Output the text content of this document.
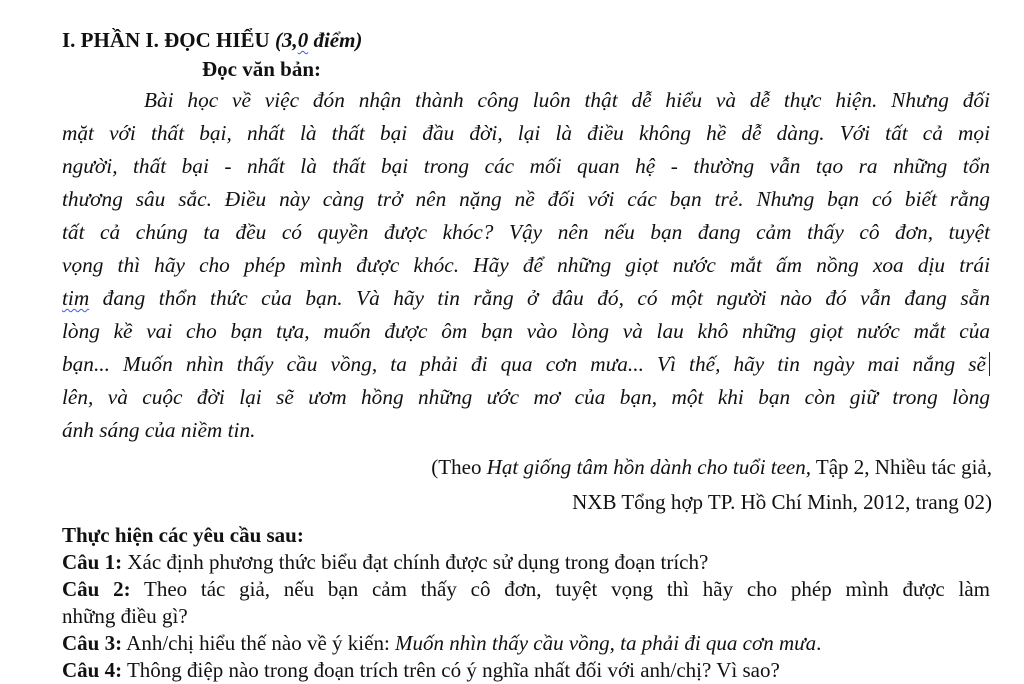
I. PHẦN I. ĐỌC HIỂU (3,0 điểm)
Đọc văn bản:
Bài học về việc đón nhận thành công luôn thật dễ hiểu và dễ thực hiện. Nhưng đối
mặt với thất bại, nhất là thất bại đầu đời, lại là điều không hề dễ dàng. Với tất cả mọi
người, thất bại - nhất là thất bại trong các mối quan hệ - thường vẫn tạo ra những tổn
thương sâu sắc. Điều này càng trở nên nặng nề đối với các bạn trẻ. Nhưng bạn có biết rằng
tất cả chúng ta đều có quyền được khóc? Vậy nên nếu bạn đang cảm thấy cô đơn, tuyệt
vọng thì hãy cho phép mình được khóc. Hãy để những giọt nước mắt ấm nồng xoa dịu trái
tim đang thổn thức của bạn. Và hãy tin rằng ở đâu đó, có một người nào đó vẫn đang sẵn
lòng kề vai cho bạn tựa, muốn được ôm bạn vào lòng và lau khô những giọt nước mắt của
bạn... Muốn nhìn thấy cầu vồng, ta phải đi qua cơn mưa... Vì thế, hãy tin ngày mai nắng sẽ
lên, và cuộc đời lại sẽ ươm hồng những ước mơ của bạn, một khi bạn còn giữ trong lòng
ánh sáng của niềm tin.
(Theo Hạt giống tâm hồn dành cho tuổi teen, Tập 2, Nhiều tác giả,
NXB Tổng hợp TP. Hồ Chí Minh, 2012, trang 02)
Thực hiện các yêu cầu sau:
Câu 1: Xác định phương thức biểu đạt chính được sử dụng trong đoạn trích?
Câu 2: Theo tác giả, nếu bạn cảm thấy cô đơn, tuyệt vọng thì hãy cho phép mình được làm
những điều gì?
Câu 3: Anh/chị hiểu thế nào về ý kiến: Muốn nhìn thấy cầu vồng, ta phải đi qua cơn mưa.
Câu 4: Thông điệp nào trong đoạn trích trên có ý nghĩa nhất đối với anh/chị? Vì sao?
